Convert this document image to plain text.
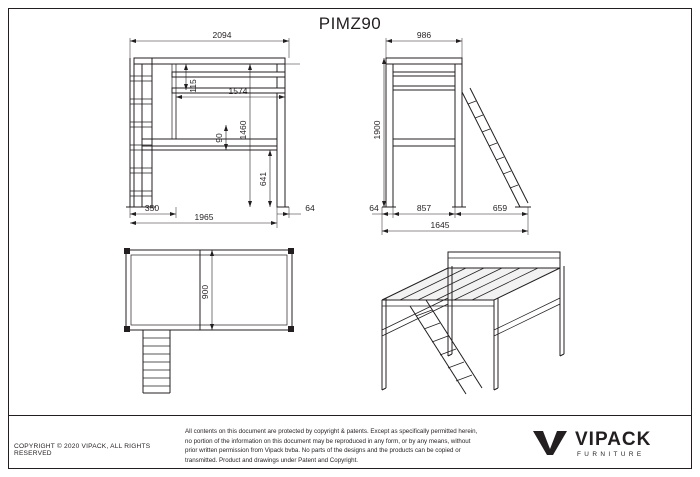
PIMZ90
2094
115	1574
1460
90
641
350
1965
64
986
1900
64	857	659
1645
900
COPYRIGHT © 2020 VIPACK, ALL RIGHTS RESERVED
All contents on this document are protected by copyright & patents. Except as specifically permitted herein,
no portion of the information on this document may be reproduced in any form, or by any means, without
prior written permission from Vipack bvba. No parts of the designs and the products can be copied or
transmitted. Product and drawings under Patent and Copyright.
VIPACK
FURNITURE
